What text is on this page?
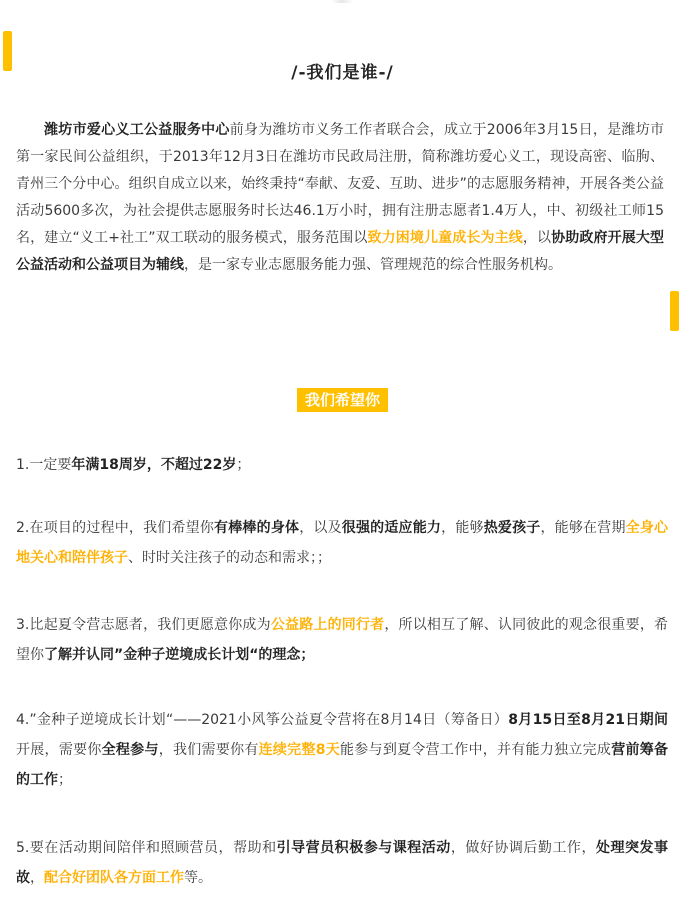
/-我们是谁-/

潍坊市爱心义工公益服务中心前身为潍坊市义务工作者联合会，成立于2006年3月15日，是潍坊市第一家民间公益组织，于2013年12月3日在潍坊市民政局注册，简称潍坊爱心义工，现设高密、临朐、青州三个分中心。组织自成立以来，始终秉持“奉献、友爱、互助、进步”的志愿服务精神，开展各类公益活动5600多次，为社会提供志愿服务时长达46.1万小时，拥有注册志愿者1.4万人，中、初级社工师15名，建立“义工+社工”双工联动的服务模式，服务范围以致力困境儿童成长为主线，以协助政府开展大型公益活动和公益项目为辅线，是一家专业志愿服务能力强、管理规范的综合性服务机构。

我们希望你

1.一定要年满18周岁，不超过22岁；

2.在项目的过程中，我们希望你有棒棒的身体，以及很强的适应能力，能够热爱孩子，能够在营期全身心地关心和陪伴孩子、时时关注孩子的动态和需求；；

3.比起夏令营志愿者，我们更愿意你成为公益路上的同行者，所以相互了解、认同彼此的观念很重要，希望你了解并认同”金种子逆境成长计划“的理念；

4.”金种子逆境成长计划“——2021小风筝公益夏令营将在8月14日（筹备日）8月15日至8月21日期间开展，需要你全程参与，我们需要你有连续完整8天能参与到夏令营工作中，并有能力独立完成营前筹备的工作；

5.要在活动期间陪伴和照顾营员，帮助和引导营员积极参与课程活动，做好协调后勤工作，处理突发事故，配合好团队各方面工作等。
